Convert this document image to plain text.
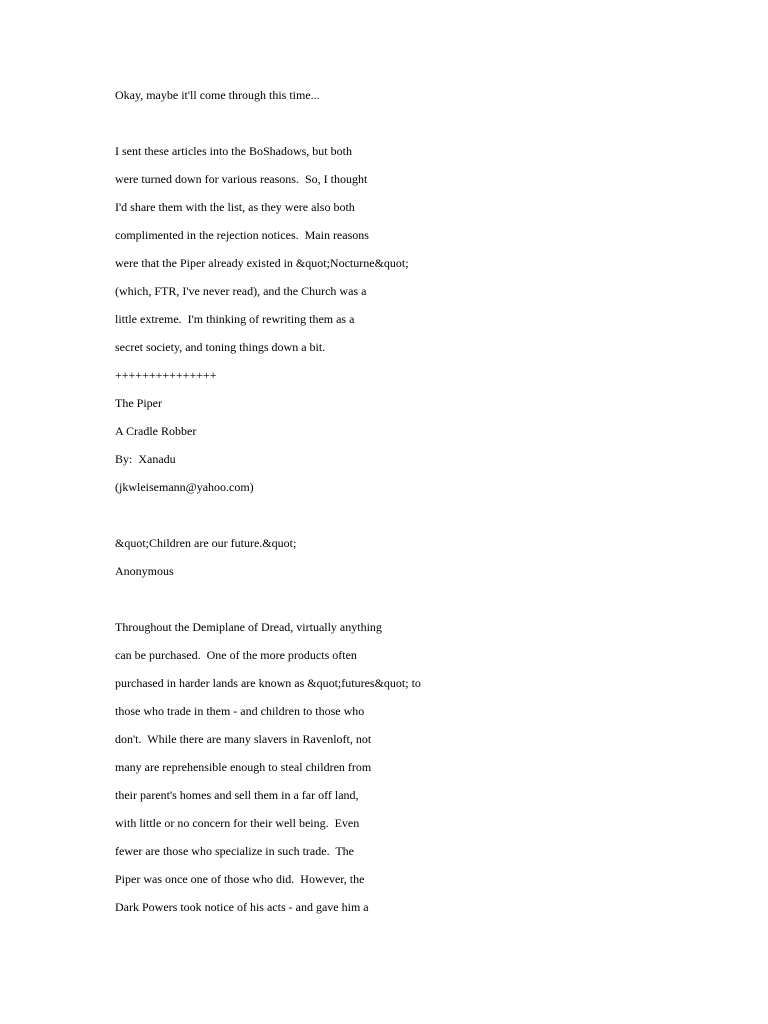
Okay, maybe it'll come through this time...
I sent these articles into the BoShadows, but both
were turned down for various reasons.  So, I thought
I'd share them with the list, as they were also both
complimented in the rejection notices.  Main reasons
were that the Piper already existed in &quot;Nocturne&quot;
(which, FTR, I've never read), and the Church was a
little extreme.  I'm thinking of rewriting them as a
secret society, and toning things down a bit.
+++++++++++++++
The Piper
A Cradle Robber
By:  Xanadu
(jkwleisemann@yahoo.com)
&quot;Children are our future.&quot;
Anonymous
Throughout the Demiplane of Dread, virtually anything
can be purchased.  One of the more products often
purchased in harder lands are known as &quot;futures&quot; to
those who trade in them - and children to those who
don't.  While there are many slavers in Ravenloft, not
many are reprehensible enough to steal children from
their parent's homes and sell them in a far off land,
with little or no concern for their well being.  Even
fewer are those who specialize in such trade.  The
Piper was once one of those who did.  However, the
Dark Powers took notice of his acts - and gave him a
